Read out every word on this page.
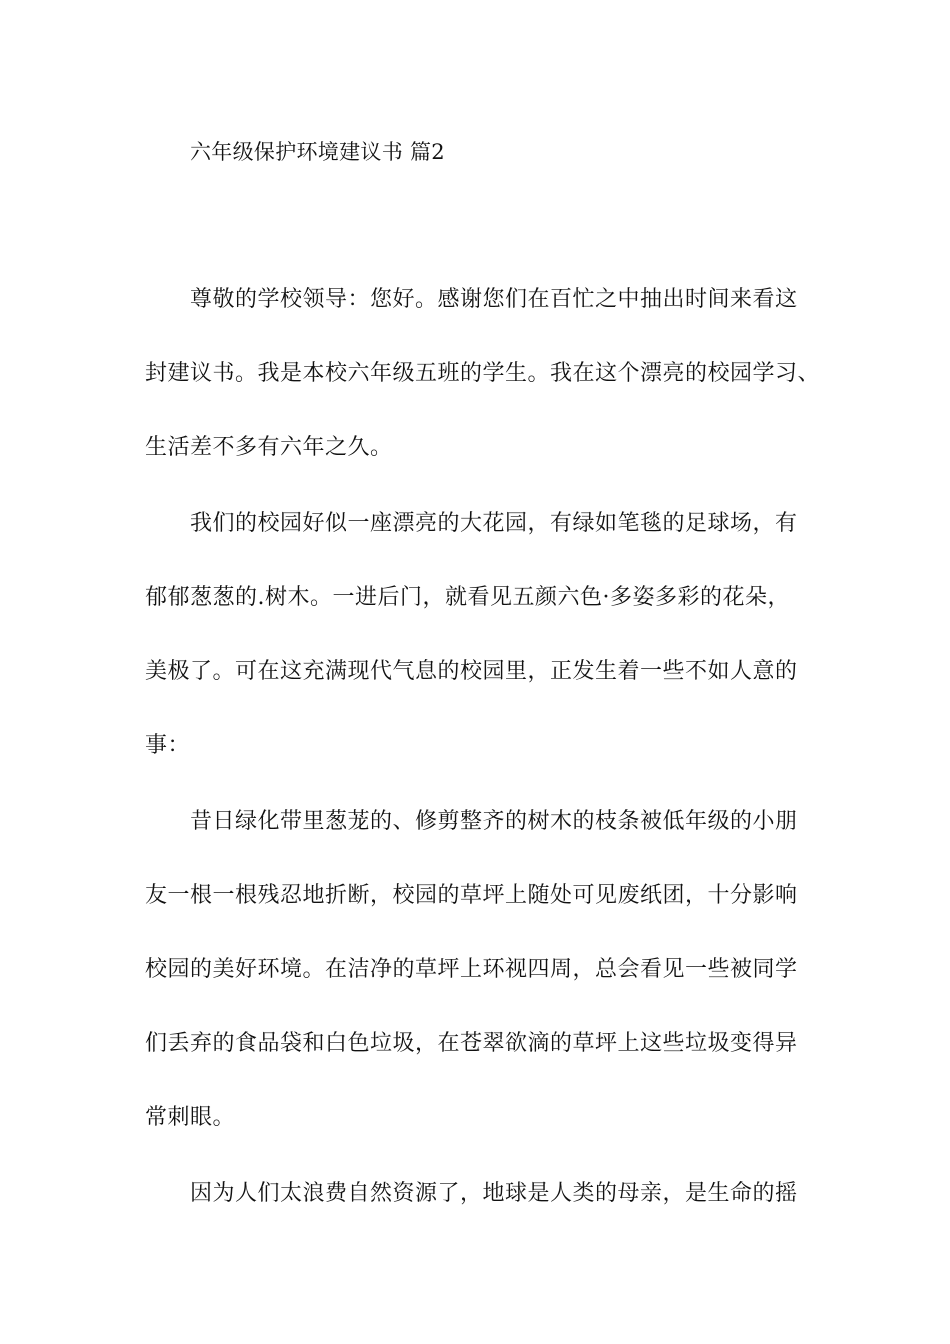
六年级保护环境建议书 篇2
尊敬的学校领导：您好。感谢您们在百忙之中抽出时间来看这
封建议书。我是本校六年级五班的学生。我在这个漂亮的校园学习、
生活差不多有六年之久。
我们的校园好似一座漂亮的大花园，有绿如笔毯的足球场，有
郁郁葱葱的.树木。一进后门，就看见五颜六色·多姿多彩的花朵，
美极了。可在这充满现代气息的校园里，正发生着一些不如人意的
事：
昔日绿化带里葱茏的、修剪整齐的树木的枝条被低年级的小朋
友一根一根残忍地折断，校园的草坪上随处可见废纸团，十分影响
校园的美好环境。在洁净的草坪上环视四周，总会看见一些被同学
们丢弃的食品袋和白色垃圾，在苍翠欲滴的草坪上这些垃圾变得异
常刺眼。
因为人们太浪费自然资源了，地球是人类的母亲，是生命的摇
